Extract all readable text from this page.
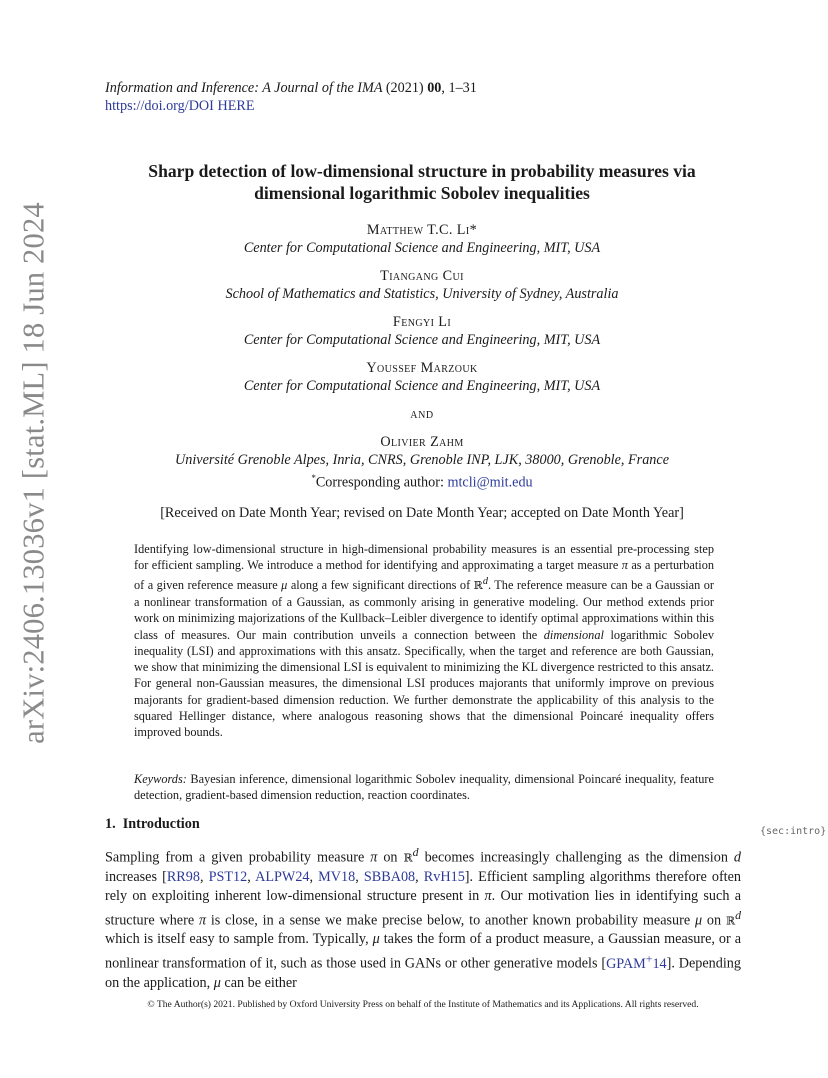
arXiv:2406.13036v1 [stat.ML] 18 Jun 2024
Information and Inference: A Journal of the IMA (2021) 00, 1–31
https://doi.org/DOI HERE
Sharp detection of low-dimensional structure in probability measures via
dimensional logarithmic Sobolev inequalities
Matthew T.C. Li*
Center for Computational Science and Engineering, MIT, USA
Tiangang Cui
School of Mathematics and Statistics, University of Sydney, Australia
Fengyi Li
Center for Computational Science and Engineering, MIT, USA
Youssef Marzouk
Center for Computational Science and Engineering, MIT, USA
and
Olivier Zahm
Université Grenoble Alpes, Inria, CNRS, Grenoble INP, LJK, 38000, Grenoble, France
*Corresponding author: mtcli@mit.edu
[Received on Date Month Year; revised on Date Month Year; accepted on Date Month Year]
Identifying low-dimensional structure in high-dimensional probability measures is an essential pre-processing step for efficient sampling. We introduce a method for identifying and approximating a target measure π as a perturbation of a given reference measure μ along a few significant directions of ℝ$^d$. The reference measure can be a Gaussian or a nonlinear transformation of a Gaussian, as commonly arising in generative modeling. Our method extends prior work on minimizing majorizations of the Kullback–Leibler divergence to identify optimal approximations within this class of measures. Our main contribution unveils a connection between the dimensional logarithmic Sobolev inequality (LSI) and approximations with this ansatz. Specifically, when the target and reference are both Gaussian, we show that minimizing the dimensional LSI is equivalent to minimizing the KL divergence restricted to this ansatz. For general non-Gaussian measures, the dimensional LSI produces majorants that uniformly improve on previous majorants for gradient-based dimension reduction. We further demonstrate the applicability of this analysis to the squared Hellinger distance, where analogous reasoning shows that the dimensional Poincaré inequality offers improved bounds.
Keywords: Bayesian inference, dimensional logarithmic Sobolev inequality, dimensional Poincaré inequality, feature detection, gradient-based dimension reduction, reaction coordinates.
1. Introduction	{sec:intro}
Sampling from a given probability measure π on ℝ$^d$ becomes increasingly challenging as the dimension d increases [RR98, PST12, ALPW24, MV18, SBBA08, RvH15]. Efficient sampling algorithms therefore often rely on exploiting inherent low-dimensional structure present in π. Our motivation lies in identifying such a structure where π is close, in a sense we make precise below, to another known probability measure μ on ℝ$^d$ which is itself easy to sample from. Typically, μ takes the form of a product measure, a Gaussian measure, or a nonlinear transformation of it, such as those used in GANs or other generative models [GPAM+14]. Depending on the application, μ can be either
© The Author(s) 2021. Published by Oxford University Press on behalf of the Institute of Mathematics and its Applications. All rights reserved.
